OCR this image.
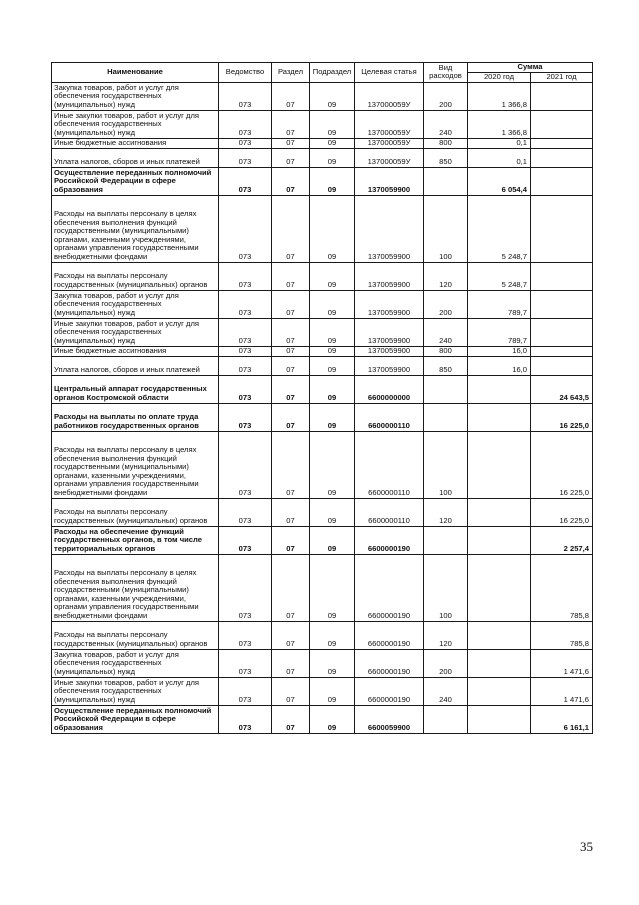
Наименование	Ведомство	Раздел	Подраздел	Целевая статья	Вид расходов	Сумма	
						2020 год	2021 год
Закупка товаров, работ и услуг для обеспечения государственных (муниципальных) нужд	073	07	09	137000059У	200	1 366,8	
Иные закупки товаров, работ и услуг для обеспечения государственных (муниципальных) нужд	073	07	09	137000059У	240	1 366,8	
Иные бюджетные ассигнования	073	07	09	137000059У	800	0,1	
Уплата налогов, сборов и иных платежей	073	07	09	137000059У	850	0,1	
Осуществление переданных полномочий Российской Федерации в сфере образования	073	07	09	1370059900		6 054,4	
Расходы на выплаты персоналу в целях обеспечения выполнения функций государственными (муниципальными) органами, казенными учреждениями, органами управления государственными внебюджетными фондами	073	07	09	1370059900	100	5 248,7	
Расходы на выплаты персоналу государственных (муниципальных) органов	073	07	09	1370059900	120	5 248,7	
Закупка товаров, работ и услуг для обеспечения государственных (муниципальных) нужд	073	07	09	1370059900	200	789,7	
Иные закупки товаров, работ и услуг для обеспечения государственных (муниципальных) нужд	073	07	09	1370059900	240	789,7	
Иные бюджетные ассигнования	073	07	09	1370059900	800	16,0	
Уплата налогов, сборов и иных платежей	073	07	09	1370059900	850	16,0	
Центральный аппарат государственных органов Костромской области	073	07	09	6600000000			24 643,5
Расходы на выплаты по оплате труда работников государственных органов	073	07	09	6600000110			16 225,0
Расходы на выплаты персоналу в целях обеспечения выполнения функций государственными (муниципальными) органами, казенными учреждениями, органами управления государственными внебюджетными фондами	073	07	09	6600000110	100		16 225,0
Расходы на выплаты персоналу государственных (муниципальных) органов	073	07	09	6600000110	120		16 225,0
Расходы на обеспечение функций государственных органов, в том числе территориальных органов	073	07	09	6600000190			2 257,4
Расходы на выплаты персоналу в целях обеспечения выполнения функций государственными (муниципальными) органами, казенными учреждениями, органами управления государственными внебюджетными фондами	073	07	09	6600000190	100		785,8
Расходы на выплаты персоналу государственных (муниципальных) органов	073	07	09	6600000190	120		785,8
Закупка товаров, работ и услуг для обеспечения государственных (муниципальных) нужд	073	07	09	6600000190	200		1 471,6
Иные закупки товаров, работ и услуг для обеспечения государственных (муниципальных) нужд	073	07	09	6600000190	240		1 471,6
Осуществление переданных полномочий Российской Федерации в сфере образования	073	07	09	6600059900			6 161,1
35
